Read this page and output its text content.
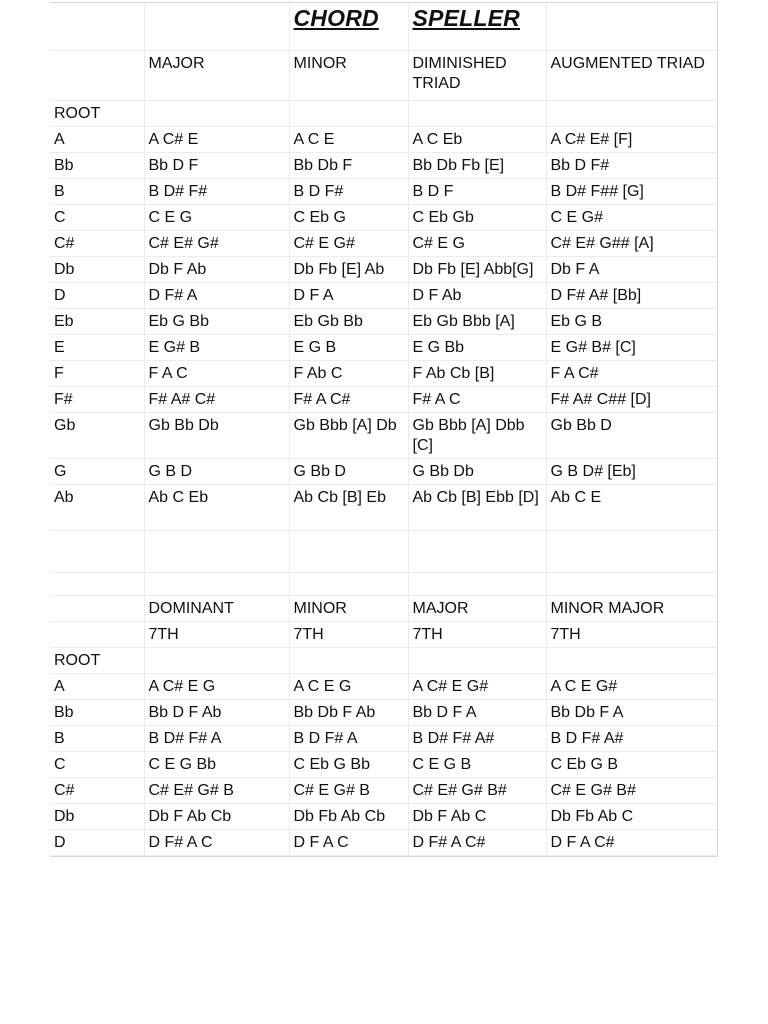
		CHORD	SPELLER	
	MAJOR	MINOR	DIMINISHED TRIAD	AUGMENTED TRIAD
ROOT				
A	A C# E	A C E	A C Eb	A C# E# [F]
Bb	Bb D F	Bb Db F	Bb Db Fb [E]	Bb D F#
B	B D# F#	B D F#	B D F	B D# F## [G]
C	C E G	C Eb G	C Eb Gb	C E G#
C#	C# E# G#	C# E G#	C# E G	C# E# G## [A]
Db	Db F Ab	Db Fb [E] Ab	Db Fb [E] Abb[G]	Db F A
D	D F# A	D F A	D F Ab	D F# A# [Bb]
Eb	Eb G Bb	Eb Gb Bb	Eb Gb Bbb [A]	Eb G B
E	E G# B	E G B	E G Bb	E G# B# [C]
F	F A C	F Ab C	F Ab Cb [B]	F A C#
F#	F# A# C#	F# A C#	F# A C	F# A# C## [D]
Gb	Gb Bb Db	Gb Bbb [A] Db	Gb Bbb [A] Dbb [C]	Gb Bb D
G	G B D	G Bb D	G Bb Db	G B D# [Eb]
Ab	Ab C Eb	Ab Cb [B] Eb	Ab Cb [B] Ebb [D]	Ab C E

	DOMINANT	MINOR	MAJOR	MINOR MAJOR
	7TH	7TH	7TH	7TH
ROOT				
A	A C# E G	A C E G	A C# E G#	A C E G#
Bb	Bb D F Ab	Bb Db F Ab	Bb D F A	Bb Db F A
B	B D# F# A	B D F# A	B D# F# A#	B D F# A#
C	C E G Bb	C Eb G Bb	C E G B	C Eb G B
C#	C# E# G# B	C# E G# B	C# E# G# B#	C# E G# B#
Db	Db F Ab Cb	Db Fb Ab Cb	Db F Ab C	Db Fb Ab C
D	D F# A C	D F A C	D F# A C#	D F A C#
